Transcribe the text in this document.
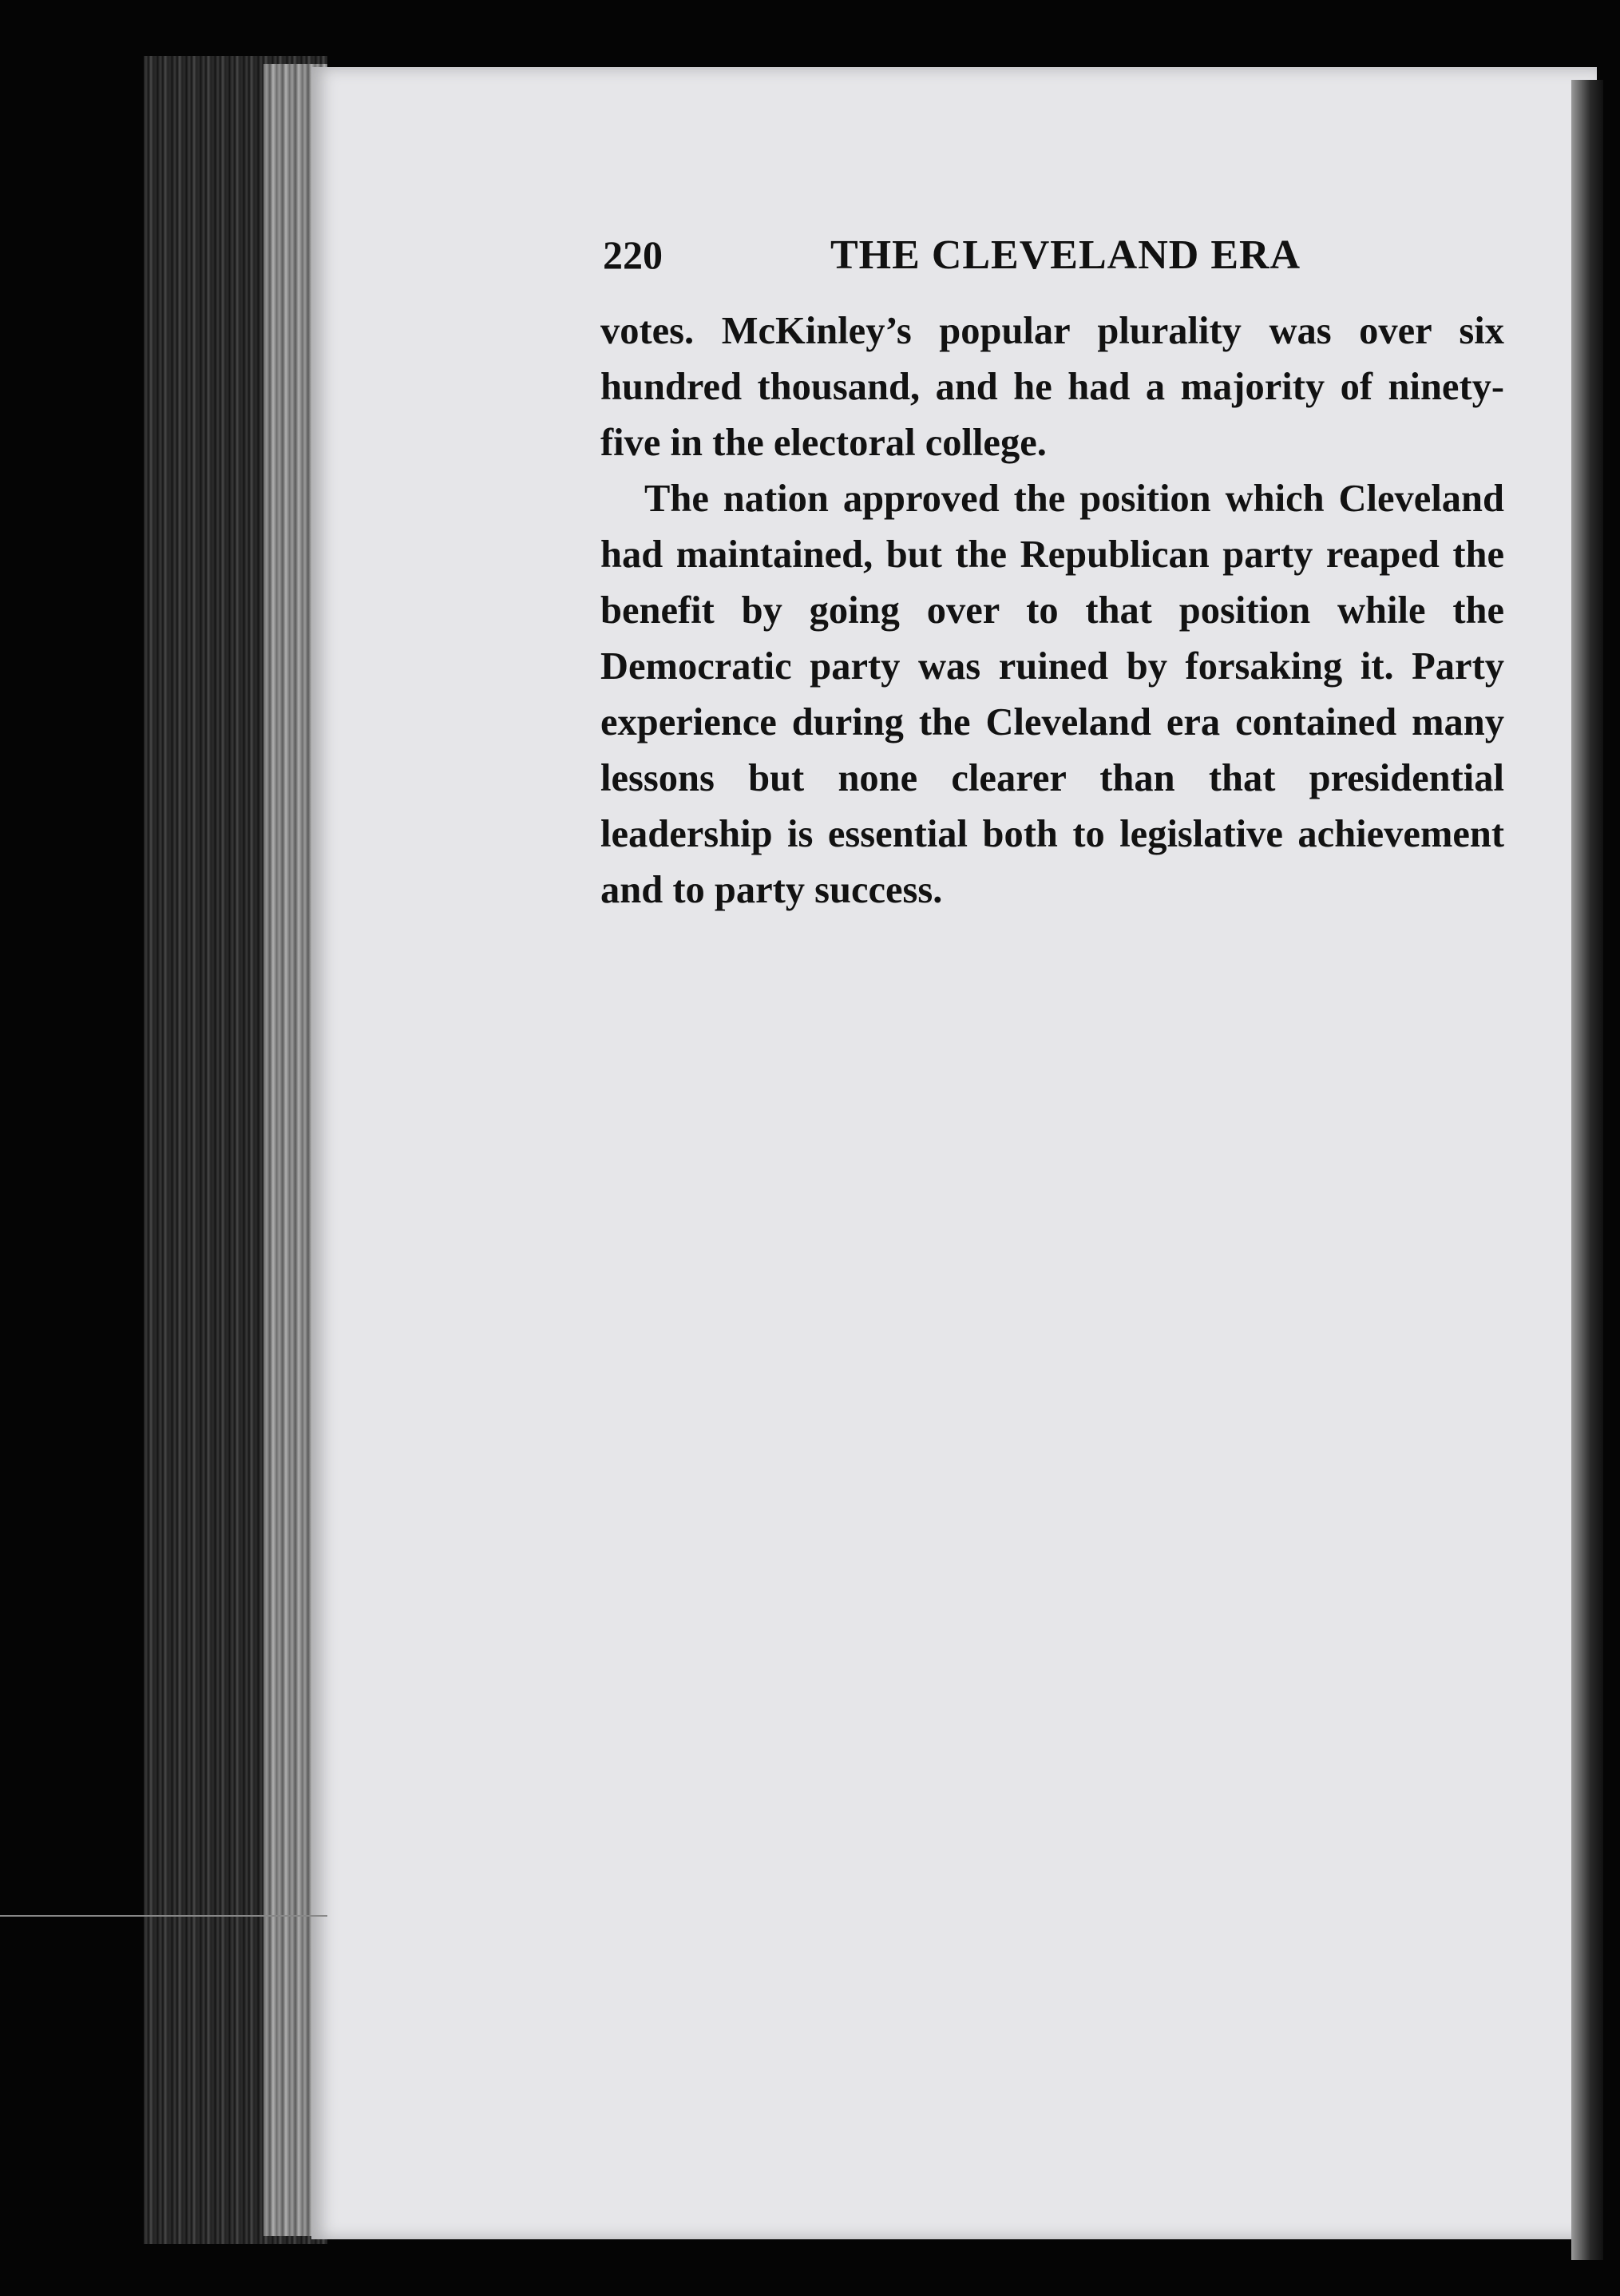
220	THE CLEVELAND ERA

votes. McKinley’s popular plurality was over six hundred thousand, and he had a majority of ninety-five in the electoral college.

The nation approved the position which Cleveland had maintained, but the Republican party reaped the benefit by going over to that position while the Democratic party was ruined by forsaking it. Party experience during the Cleveland era contained many lessons but none clearer than that presidential leadership is essential both to legislative achievement and to party success.
